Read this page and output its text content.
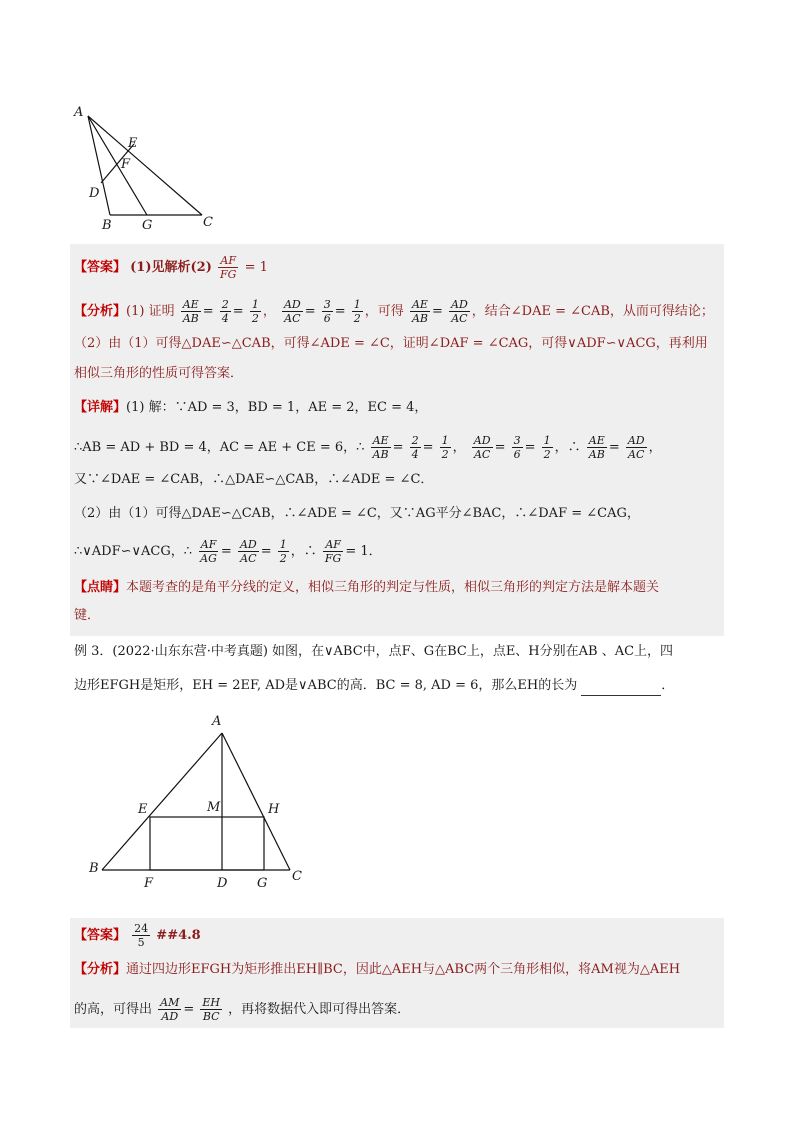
A
E
F
D
B G	C
【答案】 (1)见解析$(2) \frac{AF}{FG} = 1$
【分析】(1) 证明 $\frac{AE}{AB} = \frac{2}{4} = \frac{1}{2}$ ， $\frac{AD}{AC} = \frac{3}{6} = \frac{1}{2}$ ，可得 $\frac{AE}{AB} = \frac{AD}{AC}$ ，结合∠DAE = ∠CAB，从而可得结论；
（2）由（1）可得△DAE∽△CAB，可得∠ADE = ∠C，证明∠DAF = ∠CAG，可得∨ADF∽∨ACG，再利用
相似三角形的性质可得答案．
【详解】(1) 解：∵AD = 3，BD = 1，AE = 2，EC = 4，
∴AB = AD + BD = 4，AC = AE + CE = 6，∴ $\frac{AE}{AB} = \frac{2}{4} = \frac{1}{2}$ ， $\frac{AD}{AC} = \frac{3}{6} = \frac{1}{2}$ ，∴ $\frac{AE}{AB} = \frac{AD}{AC}$ ，
又∵∠DAE = ∠CAB，∴△DAE∽△CAB，∴∠ADE = ∠C．
（2）由（1）可得△DAE∽△CAB，∴∠ADE = ∠C，又∵AG平分∠BAC，∴∠DAF = ∠CAG，
∴∨ADF∽∨ACG，∴ $\frac{AF}{AG} = \frac{AD}{AC} = \frac{1}{2}$ ，∴ $\frac{AF}{FG} = 1$．
【点睛】本题考查的是角平分线的定义，相似三角形的判定与性质，相似三角形的判定方法是解本题关
键．
例 3．(2022·山东东营·中考真题) 如图，在∨ABC中，点F、G在BC上，点E、H分别在AB 、AC上，四
边形EFGH是矩形，EH = 2EF, AD是∨ABC的高．BC = 8, AD = 6，那么EH的长为	．
A
E	M	H
B
F	D G C
【答案】 $\frac{24}{5}$ ##4.8
【分析】通过四边形EFGH为矩形推出EH∥BC，因此△AEH与△ABC两个三角形相似，将AM视为△AEH
的高，可得出 $\frac{AM}{AD} = \frac{EH}{BC}$ ，再将数据代入即可得出答案．
